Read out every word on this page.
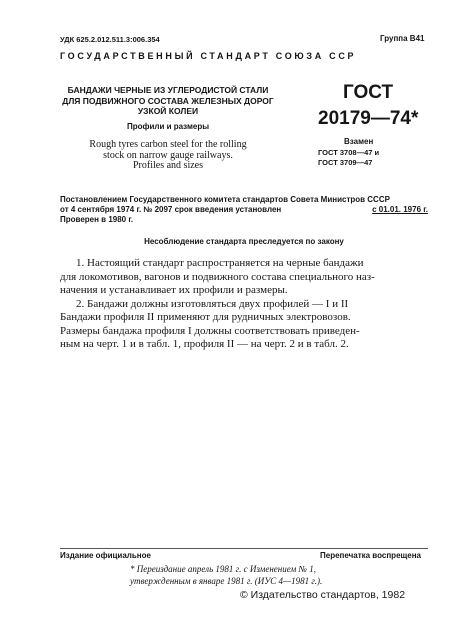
УДК 625.2.012.511.3:006.354	Группа В41
ГОСУДАРСТВЕННЫЙ СТАНДАРТ СОЮЗА ССР
БАНДАЖИ ЧЕРНЫЕ ИЗ УГЛЕРОДИСТОЙ СТАЛИ
ДЛЯ ПОДВИЖНОГО СОСТАВА ЖЕЛЕЗНЫХ ДОРОГ
УЗКОЙ КОЛЕИ
Профили и размеры
Rough tyres carbon steel for the rolling
stock on narrow gauge railways.
Profiles and sizes
ГОСТ
20179—74*
Взамен
ГОСТ 3708—47 и
ГОСТ 3709—47
Постановлением Государственного комитета стандартов Совета Министров СССР
от 4 сентября 1974 г. № 2097 срок введения установлен	с 01.01. 1976 г.
Проверен в 1980 г.
Несоблюдение стандарта преследуется по закону
1. Настоящий стандарт распространяется на черные бандажи
для локомотивов, вагонов и подвижного состава специального наз-
начения и устанавливает их профили и размеры.
2. Бандажи должны изготовляться двух профилей — I и II
Бандажи профиля II применяют для рудничных электровозов.
Размеры бандажа профиля I должны соответствовать приведен-
ным на черт. 1 и в табл. 1, профиля II — на черт. 2 и в табл. 2.
Издание официальное	Перепечатка воспрещена
* Переиздание апрель 1981 г. с Изменением № 1,
утвержденным в январе 1981 г. (ИУС 4—1981 г.).
© Издательство стандартов, 1982
